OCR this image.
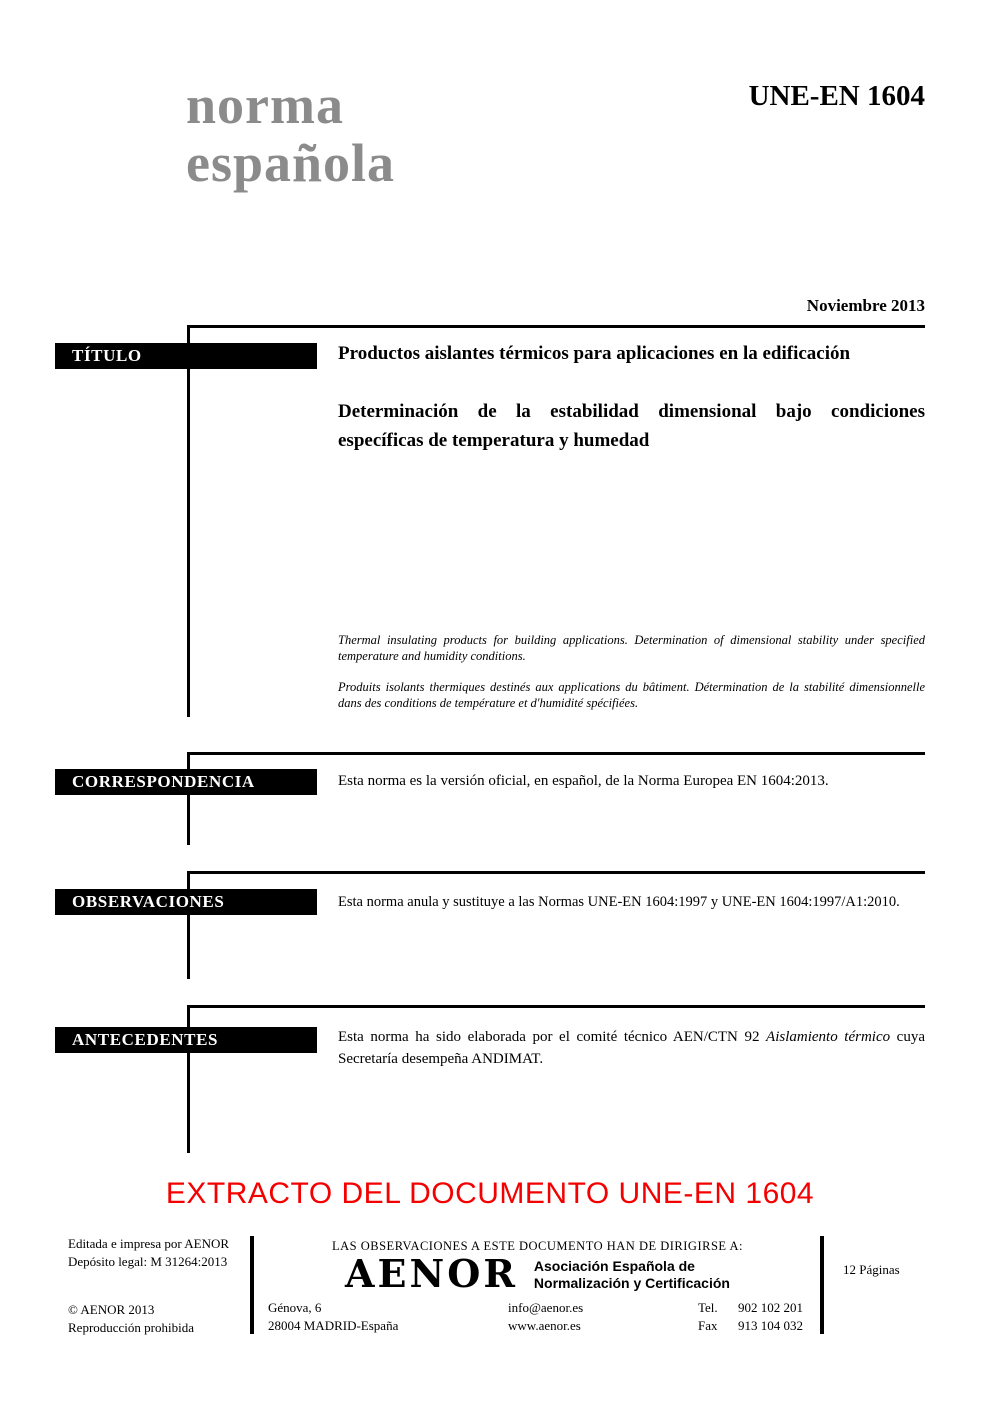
norma
española
UNE-EN 1604
Noviembre 2013
TÍTULO	Productos aislantes térmicos para aplicaciones en la edificación
Determinación de la estabilidad dimensional bajo condiciones específicas de temperatura y humedad
Thermal insulating products for building applications. Determination of dimensional stability under specified temperature and humidity conditions.
Produits isolants thermiques destinés aux applications du bâtiment. Détermination de la stabilité dimensionnelle dans des conditions de température et d'humidité spécifiées.
CORRESPONDENCIA	Esta norma es la versión oficial, en español, de la Norma Europea EN 1604:2013.
OBSERVACIONES	Esta norma anula y sustituye a las Normas UNE-EN 1604:1997 y UNE-EN 1604:1997/A1:2010.
ANTECEDENTES	Esta norma ha sido elaborada por el comité técnico AEN/CTN 92 Aislamiento térmico cuya Secretaría desempeña ANDIMAT.
EXTRACTO DEL DOCUMENTO UNE-EN 1604
Editada e impresa por AENOR
Depósito legal: M 31264:2013
© AENOR 2013
Reproducción prohibida
LAS OBSERVACIONES A ESTE DOCUMENTO HAN DE DIRIGIRSE A:
AENOR Asociación Española de
Normalización y Certificación
Génova, 6
28004 MADRID-España
info@aenor.es
www.aenor.es
Tel.	902 102 201
Fax	913 104 032
12 Páginas
